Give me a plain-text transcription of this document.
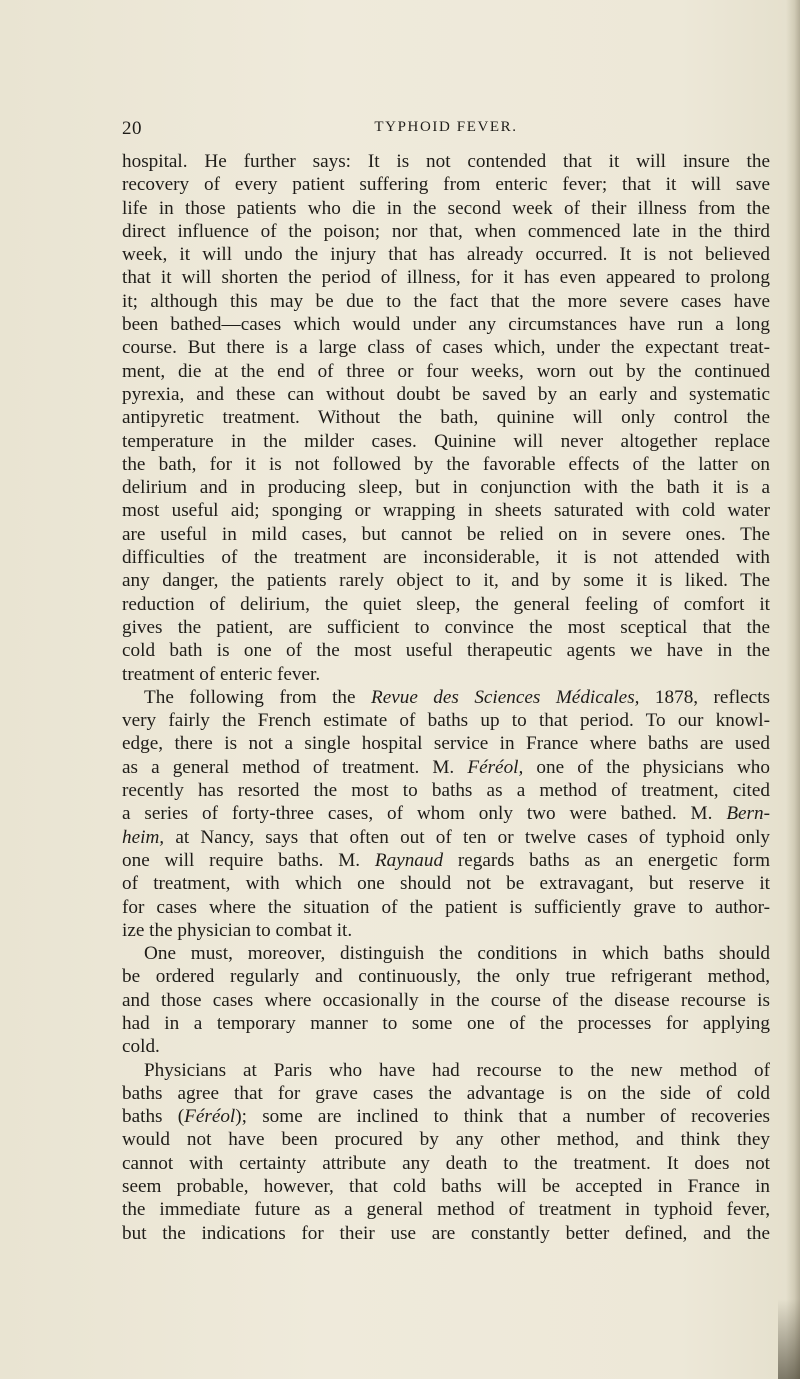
20	TYPHOID FEVER.
hospital. He further says: It is not contended that it will insure the
recovery of every patient suffering from enteric fever; that it will save
life in those patients who die in the second week of their illness from the
direct influence of the poison; nor that, when commenced late in the third
week, it will undo the injury that has already occurred. It is not believed
that it will shorten the period of illness, for it has even appeared to prolong
it; although this may be due to the fact that the more severe cases have
been bathed—cases which would under any circumstances have run a long
course. But there is a large class of cases which, under the expectant treat-
ment, die at the end of three or four weeks, worn out by the continued
pyrexia, and these can without doubt be saved by an early and systematic
antipyretic treatment. Without the bath, quinine will only control the
temperature in the milder cases. Quinine will never altogether replace
the bath, for it is not followed by the favorable effects of the latter on
delirium and in producing sleep, but in conjunction with the bath it is a
most useful aid; sponging or wrapping in sheets saturated with cold water
are useful in mild cases, but cannot be relied on in severe ones. The
difficulties of the treatment are inconsiderable, it is not attended with
any danger, the patients rarely object to it, and by some it is liked. The
reduction of delirium, the quiet sleep, the general feeling of comfort it
gives the patient, are sufficient to convince the most sceptical that the
cold bath is one of the most useful therapeutic agents we have in the
treatment of enteric fever.
The following from the Revue des Sciences Médicales, 1878, reflects
very fairly the French estimate of baths up to that period. To our knowl-
edge, there is not a single hospital service in France where baths are used
as a general method of treatment. M. Féréol, one of the physicians who
recently has resorted the most to baths as a method of treatment, cited
a series of forty-three cases, of whom only two were bathed. M. Bern-
heim, at Nancy, says that often out of ten or twelve cases of typhoid only
one will require baths. M. Raynaud regards baths as an energetic form
of treatment, with which one should not be extravagant, but reserve it
for cases where the situation of the patient is sufficiently grave to author-
ize the physician to combat it.
One must, moreover, distinguish the conditions in which baths should
be ordered regularly and continuously, the only true refrigerant method,
and those cases where occasionally in the course of the disease recourse is
had in a temporary manner to some one of the processes for applying
cold.
Physicians at Paris who have had recourse to the new method of
baths agree that for grave cases the advantage is on the side of cold
baths (Féréol); some are inclined to think that a number of recoveries
would not have been procured by any other method, and think they
cannot with certainty attribute any death to the treatment. It does not
seem probable, however, that cold baths will be accepted in France in
the immediate future as a general method of treatment in typhoid fever,
but the indications for their use are constantly better defined, and the
